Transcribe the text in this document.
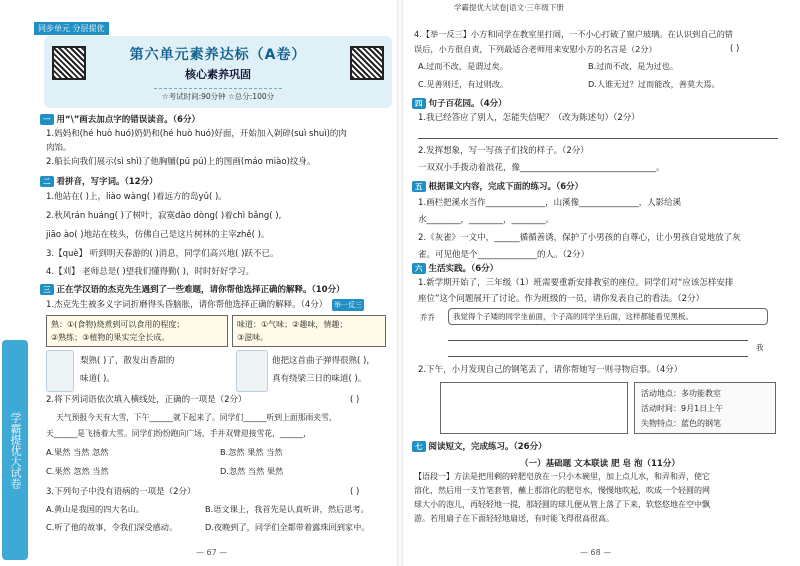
学霸提优大试卷
同步单元 分层提优
第六单元素养达标（A卷）
核心素养巩固
☆考试时间:90分钟 ☆总分:100分
一 用“\”画去加点字的错误读音。（6分）
1.妈妈和(hé huò huó)奶奶和(hé huò huó)好面，开始加入剁碎(suì shuì)的肉
肉馅。
2.船长向我们展示(sì shì)了他胸脯(pū pú)上的图画(máo miào)纹身。
二 看拼音，写字词。（12分）
1.他站在( )上，liào wàng( )着远方的岛yǔ( )。
2.秋风rán huáng( )了树叶，寂寞dào dòng( )着chì bǎng( ),
jiāo ào( )地站在枝头，仿佛自己是这片树林的主宰zhě( )。
3.【què】 听到明天春游的( )消息，同学们高兴地( )跃不已。
4.【刈】 老师总是( )望我们懂得勤( )，时时好好学习。
三 正在学汉语的杰克先生遇到了一些难题，请你帮他选择正确的解释。（10分）
1.杰克先生被多义字词折磨得头昏脑胀，请你帮他选择正确的解释。（4分） 举一反三
熟：①(食物)烧煮到可以食用的程度；
②熟练；③植物的果实完全长成。
味道：①气味；②趣味，情趣；
③滋味。
梨熟( )了，散发出香甜的
味道( )。
他把这首曲子弹得很熟( )，
真有绕梁三日的味道( )。
2.将下列词语依次填入横线处，正确的一项是（2分）	( )
天气预报今天有大雪，下午______就下起来了。同学们______听到上面那雨夹雪，
天______是飞扬着大雪。同学们纷纷跑向广场，手并双臂迎接雪花，______，
A.果然 当然 忽然	B.忽然 果然 当然
C.果然 忽然 当然	D.忽然 当然 果然
3.下列句子中没有语病的一项是（2分）	( )
A.黄山是我国的四大名山。	B.语文课上，我首先是认真听讲，然后思考。
C.听了他的故事，令我们深受感动。	D.夜晚到了，同学们全都带着露珠回到家中。
— 67 —
学霸提优大试卷|语文·三年级下册
4.【举一反三】小方和同学在教室里打闹，一不小心打破了窗户玻璃。在认识到自己的错
误后，小方很自责，下列最适合老师用来安慰小方的名言是（2分）	( )
A.过而不改，是谓过矣。	B.过而不改，是为过也。
C.见善则迁，有过则改。	D.人谁无过？过而能改，善莫大焉。
四 句子百花园。（4分）
1.我已经答应了别人，怎能失信呢？（改为陈述句）（2分）
2.发挥想象，写一写孩子们找的样子。（2分）
一双双小手拨动着浪花，像________________________________。
五 根据课文内容，完成下面的练习。（6分）
1.画栏把溪水当作______________，山溪像______________，人影给溪
水________，________，________。
2.《灰雀》一文中，______循循善诱，保护了小男孩的自尊心，让小男孩自觉地放了灰
雀。可见他是个______________的人。（2分）
六 生活实践。（6分）
1.新学期开始了，三年级（1）班需要重新安排教室的座位。同学们对“应该怎样安排
座位”这个问题展开了讨论。作为班级的一员，请你发表自己的看法。（2分）
乔乔	我觉得个子矮的同学坐前面，个子高的同学坐后面，这样都能看见黑板。
我
2.下午，小月发现自己的钢笔丢了，请你帮她写一则寻物启事。（4分）
活动地点：多功能教室
活动时间：9月1日上午
失物特点：蓝色的钢笔
七 阅读短文，完成练习。（26分）
— 68 —
（一）基础题 文本联读 肥 皂 泡（11分）
【语段一】方法是把用剩的碎肥皂放在一只小木碗里，加上点儿水，和弄和弄，使它
溶化，然后用一支竹笔套管，蘸上那溶化的肥皂水，慢慢地吹起，吹成一个轻圆的网
球大小的泡儿，再轻轻地一提，那轻圆的球儿便从管上落了下来，软悠悠地在空中飘
游。若用扇子在下面轻轻地扇送，有时能飞得很高很高。
